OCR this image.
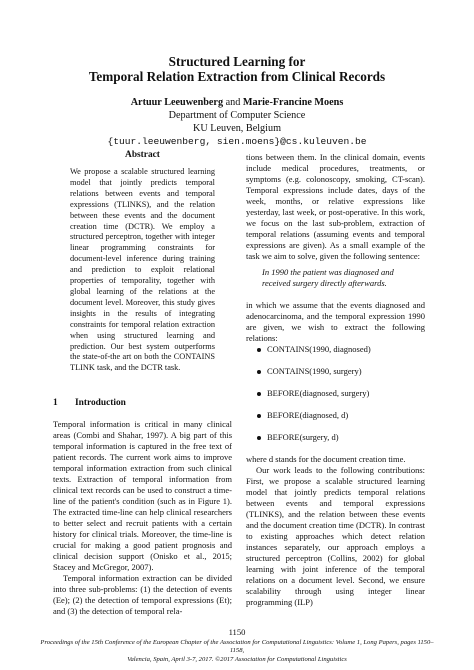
Structured Learning for
Temporal Relation Extraction from Clinical Records
Artuur Leeuwenberg and Marie-Francine Moens
Department of Computer Science
KU Leuven, Belgium
{tuur.leeuwenberg, sien.moens}@cs.kuleuven.be
Abstract

We propose a scalable structured learning model that jointly predicts temporal relations between events and temporal expressions (TLINKS), and the relation between these events and the document creation time (DCTR). We employ a structured perceptron, together with integer linear programming constraints for document-level inference during training and prediction to exploit relational properties of temporality, together with global learning of the relations at the document level. Moreover, this study gives insights in the results of integrating constraints for temporal relation extraction when using structured learning and prediction. Our best system outperforms the state-of-the art on both the CONTAINS TLINK task, and the DCTR task.

1 Introduction

Temporal information is critical in many clinical areas (Combi and Shahar, 1997). A big part of this temporal information is captured in the free text of patient records. The current work aims to improve temporal information extraction from such clinical texts. Extraction of temporal information from clinical text records can be used to construct a time-line of the patient's condition (such as in Figure 1). The extracted time-line can help clinical researchers to better select and recruit patients with a certain history for clinical trials. Moreover, the time-line is crucial for making a good patient prognosis and clinical decision support (Onisko et al., 2015; Stacey and McGregor, 2007).

Temporal information extraction can be divided into three sub-problems: (1) the detection of events (Ee); (2) the detection of temporal expressions (Et); and (3) the detection of temporal rela-

tions between them. In the clinical domain, events include medical procedures, treatments, or symptoms (e.g. colonoscopy, smoking, CT-scan). Temporal expressions include dates, days of the week, months, or relative expressions like yesterday, last week, or post-operative. In this work, we focus on the last sub-problem, extraction of temporal relations (assuming events and temporal expressions are given). As a small example of the task we aim to solve, given the following sentence:

In 1990 the patient was diagnosed and received surgery directly afterwards.

in which we assume that the events diagnosed and adenocarcinoma, and the temporal expression 1990 are given, we wish to extract the following relations:

CONTAINS(1990, diagnosed)
CONTAINS(1990, surgery)
BEFORE(diagnosed, surgery)
BEFORE(diagnosed, d)
BEFORE(surgery, d)

where d stands for the document creation time.

Our work leads to the following contributions: First, we propose a scalable structured learning model that jointly predicts temporal relations between events and temporal expressions (TLINKS), and the relation between these events and the document creation time (DCTR). In contrast to existing approaches which detect relation instances separately, our approach employs a structured perceptron (Collins, 2002) for global learning with joint inference of the temporal relations on a document level. Second, we ensure scalability through using integer linear programming (ILP)

1150
Proceedings of the 15th Conference of the European Chapter of the Association for Computational Linguistics: Volume 1, Long Papers, pages 1150–1158,
Valencia, Spain, April 3-7, 2017. ©2017 Association for Computational Linguistics
